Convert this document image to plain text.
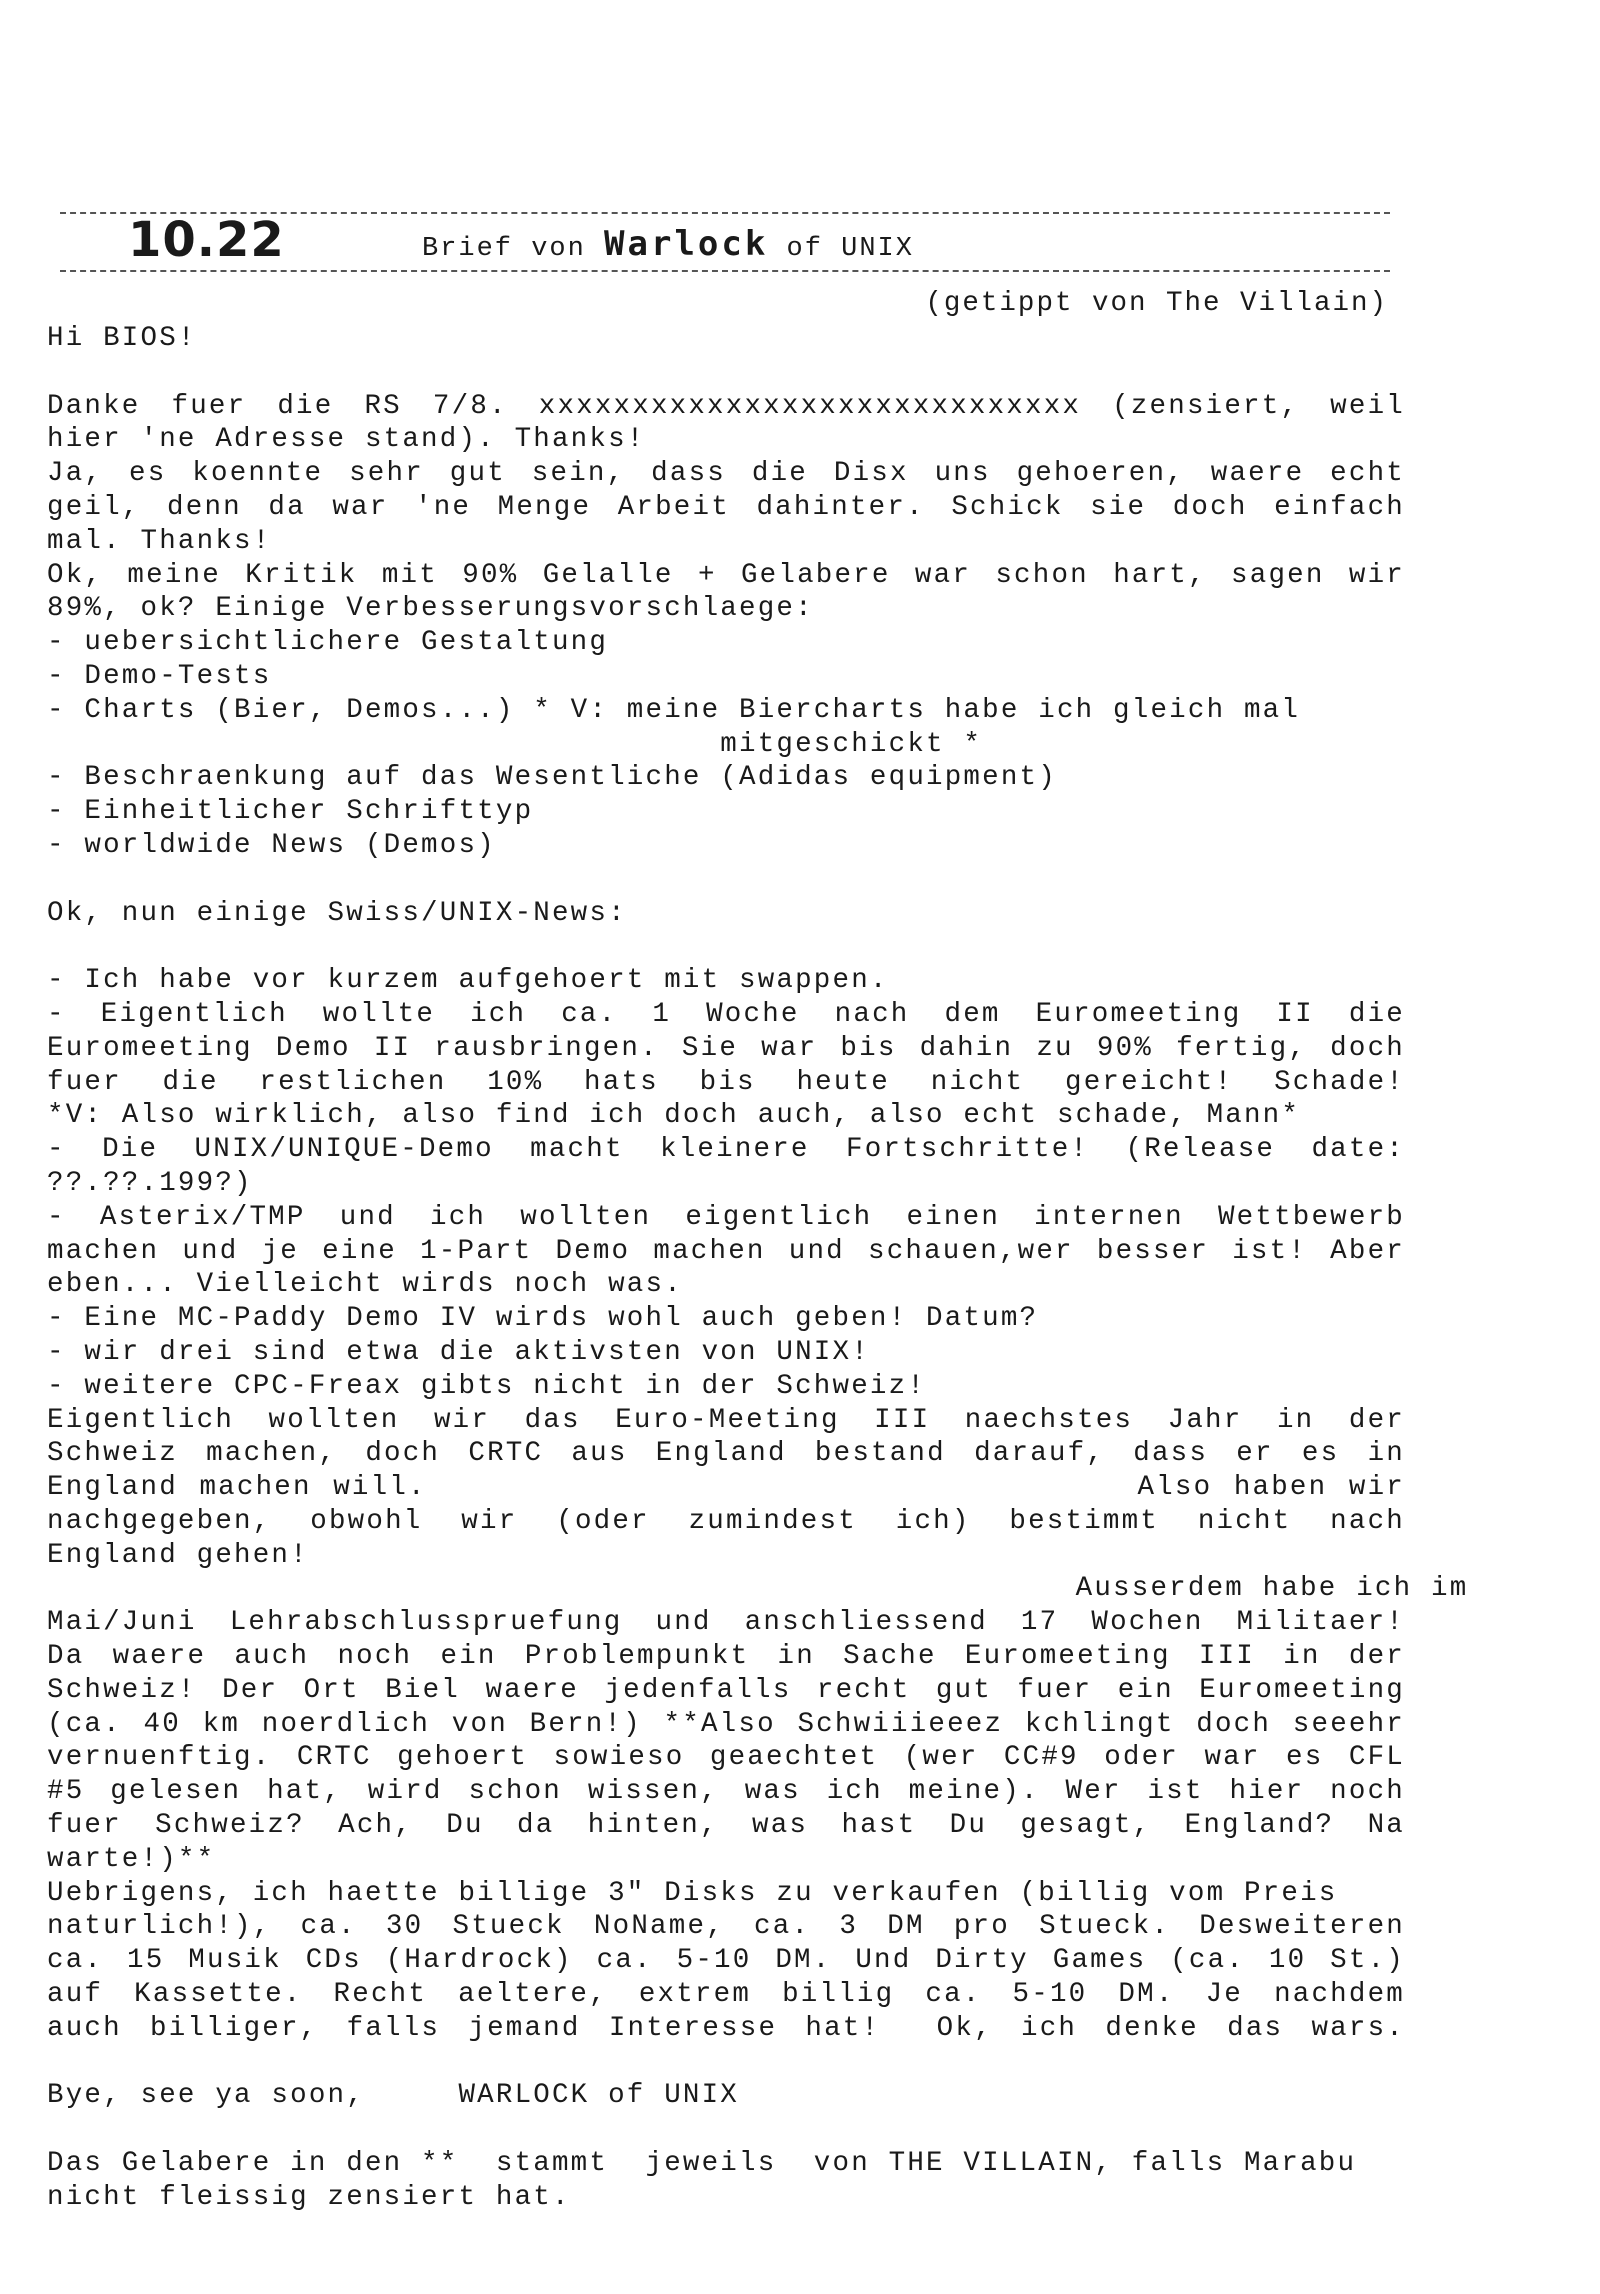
10.22	Brief von Warlock of UNIX
(getippt von The Villain)
Hi BIOS!
Danke fuer die RS 7/8. xxxxxxxxxxxxxxxxxxxxxxxxxxxxx (zensiert, weil
hier 'ne Adresse stand). Thanks!
Ja, es koennte sehr gut sein, dass die Disx uns gehoeren, waere echt
geil, denn da war 'ne Menge Arbeit dahinter. Schick sie doch einfach
mal. Thanks!
Ok, meine Kritik mit 90% Gelalle + Gelabere war schon hart, sagen wir
89%, ok? Einige Verbesserungsvorschlaege:
- uebersichtlichere Gestaltung
- Demo-Tests
- Charts (Bier, Demos...) * V: meine Biercharts habe ich gleich mal
mitgeschickt *
- Beschraenkung auf das Wesentliche (Adidas equipment)
- Einheitlicher Schrifttyp
- worldwide News (Demos)
Ok, nun einige Swiss/UNIX-News:
- Ich habe vor kurzem aufgehoert mit swappen.
- Eigentlich wollte ich ca. 1 Woche nach dem Euromeeting II die
Euromeeting Demo II rausbringen. Sie war bis dahin zu 90% fertig, doch
fuer die restlichen 10% hats bis heute nicht gereicht! Schade!
*V: Also wirklich, also find ich doch auch, also echt schade, Mann*
- Die UNIX/UNIQUE-Demo macht kleinere Fortschritte! (Release date:
??.??.199?)
- Asterix/TMP und ich wollten eigentlich einen internen Wettbewerb
machen und je eine 1-Part Demo machen und schauen,wer besser ist! Aber
eben... Vielleicht wirds noch was.
- Eine MC-Paddy Demo IV wirds wohl auch geben! Datum?
- wir drei sind etwa die aktivsten von UNIX!
- weitere CPC-Freax gibts nicht in der Schweiz!
Eigentlich wollten wir das Euro-Meeting III naechstes Jahr in der
Schweiz machen, doch CRTC aus England bestand darauf, dass er es in
England machen will.                                 Also haben wir
nachgegeben, obwohl wir (oder zumindest ich) bestimmt nicht nach
England gehen!
Ausserdem habe ich im
Mai/Juni Lehrabschlusspruefung und anschliessend 17 Wochen Militaer!
Da waere auch noch ein Problempunkt in Sache Euromeeting III in der
Schweiz! Der Ort Biel waere jedenfalls recht gut fuer ein Euromeeting
(ca. 40 km noerdlich von Bern!) **Also Schwiiieeez kchlingt doch seeehr
vernuenftig. CRTC gehoert sowieso geaechtet (wer CC#9 oder war es CFL
#5 gelesen hat, wird schon wissen, was ich meine). Wer ist hier noch
fuer Schweiz? Ach, Du da hinten, was hast Du gesagt, England? Na
warte!)**
Uebrigens, ich haette billige 3" Disks zu verkaufen (billig vom Preis
naturlich!), ca. 30 Stueck NoName, ca. 3 DM pro Stueck. Desweiteren
ca. 15 Musik CDs (Hardrock) ca. 5-10 DM. Und Dirty Games (ca. 10 St.)
auf Kassette. Recht aeltere, extrem billig ca. 5-10 DM. Je nachdem
auch billiger, falls jemand Interesse hat!  Ok, ich denke das wars.
Bye, see ya soon,     WARLOCK of UNIX
Das Gelabere in den **  stammt  jeweils  von THE VILLAIN, falls Marabu
nicht fleissig zensiert hat.
